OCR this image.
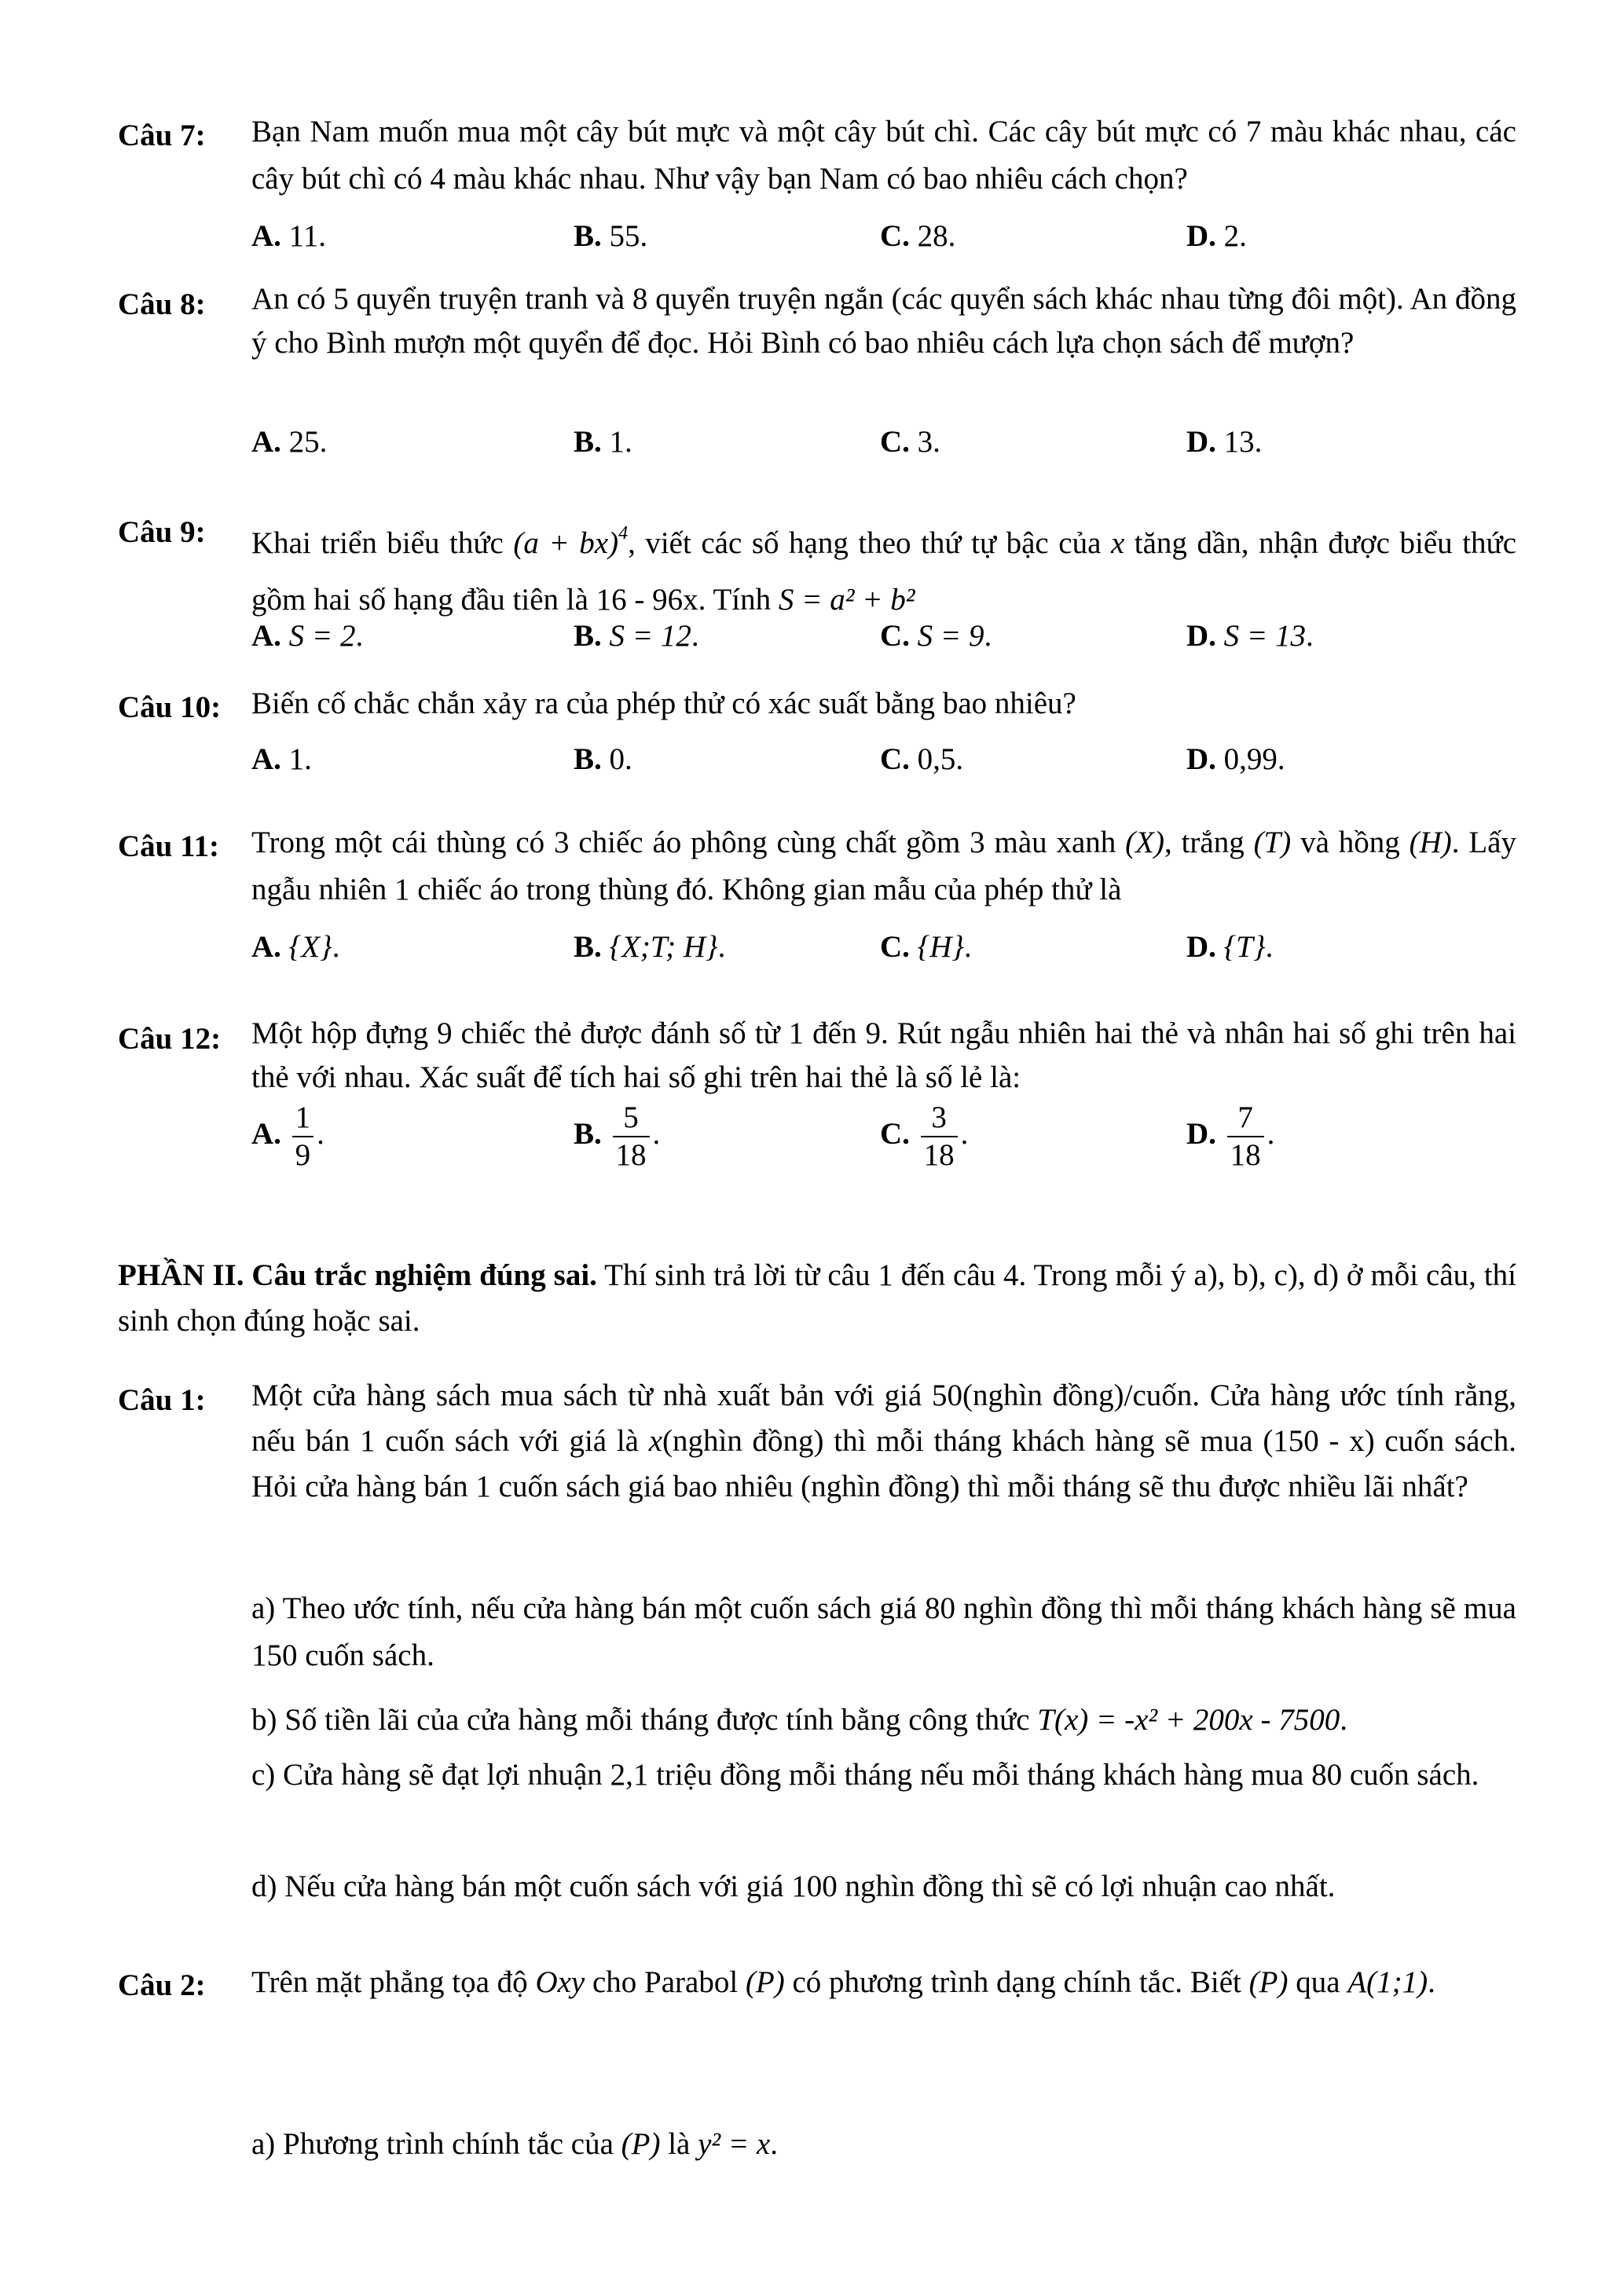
Câu 7: Bạn Nam muốn mua một cây bút mực và một cây bút chì. Các cây bút mực có 7 màu khác nhau, các cây bút chì có 4 màu khác nhau. Như vậy bạn Nam có bao nhiêu cách chọn?
A. 11.	B. 55.	C. 28.	D. 2.
Câu 8: An có 5 quyển truyện tranh và 8 quyển truyện ngắn (các quyển sách khác nhau từng đôi một). An đồng ý cho Bình mượn một quyển để đọc. Hỏi Bình có bao nhiêu cách lựa chọn sách để mượn?
A. 25.	B. 1.	C. 3.	D. 13.
Câu 9: Khai triển biểu thức (a + bx)$^4$, viết các số hạng theo thứ tự bậc của x tăng dần, nhận được biểu thức gồm hai số hạng đầu tiên là 16 - 96x. Tính S = a² + b²
A. S = 2.	B. S = 12.	C. S = 9.	D. S = 13.
Câu 10: Biến cố chắc chắn xảy ra của phép thử có xác suất bằng bao nhiêu?
A. 1.	B. 0.	C. 0,5.	D. 0,99.
Câu 11: Trong một cái thùng có 3 chiếc áo phông cùng chất gồm 3 màu xanh (X), trắng (T) và hồng (H). Lấy ngẫu nhiên 1 chiếc áo trong thùng đó. Không gian mẫu của phép thử là
A. {X}.	B. {X;T; H}.	C. {H}.	D. {T}.
Câu 12: Một hộp đựng 9 chiếc thẻ được đánh số từ 1 đến 9. Rút ngẫu nhiên hai thẻ và nhân hai số ghi trên hai thẻ với nhau. Xác suất để tích hai số ghi trên hai thẻ là số lẻ là:
A. $\frac{1}{9}$ .	B. $\frac{5}{18}$ .	C. $\frac{3}{18}$ .	D. $\frac{7}{18}$ .
PHẦN II. Câu trắc nghiệm đúng sai. Thí sinh trả lời từ câu 1 đến câu 4. Trong mỗi ý a), b), c), d) ở mỗi câu, thí sinh chọn đúng hoặc sai.
Câu 1: Một cửa hàng sách mua sách từ nhà xuất bản với giá 50(nghìn đồng)/cuốn. Cửa hàng ước tính rằng, nếu bán 1 cuốn sách với giá là x(nghìn đồng) thì mỗi tháng khách hàng sẽ mua (150 - x) cuốn sách. Hỏi cửa hàng bán 1 cuốn sách giá bao nhiêu (nghìn đồng) thì mỗi tháng sẽ thu được nhiều lãi nhất?
a) Theo ước tính, nếu cửa hàng bán một cuốn sách giá 80 nghìn đồng thì mỗi tháng khách hàng sẽ mua 150 cuốn sách.
b) Số tiền lãi của cửa hàng mỗi tháng được tính bằng công thức T(x) = -x² + 200x - 7500.
c) Cửa hàng sẽ đạt lợi nhuận 2,1 triệu đồng mỗi tháng nếu mỗi tháng khách hàng mua 80 cuốn sách.
d) Nếu cửa hàng bán một cuốn sách với giá 100 nghìn đồng thì sẽ có lợi nhuận cao nhất.
Câu 2: Trên mặt phẳng tọa độ Oxy cho Parabol (P) có phương trình dạng chính tắc. Biết (P) qua A(1;1).
a) Phương trình chính tắc của (P) là y² = x.
